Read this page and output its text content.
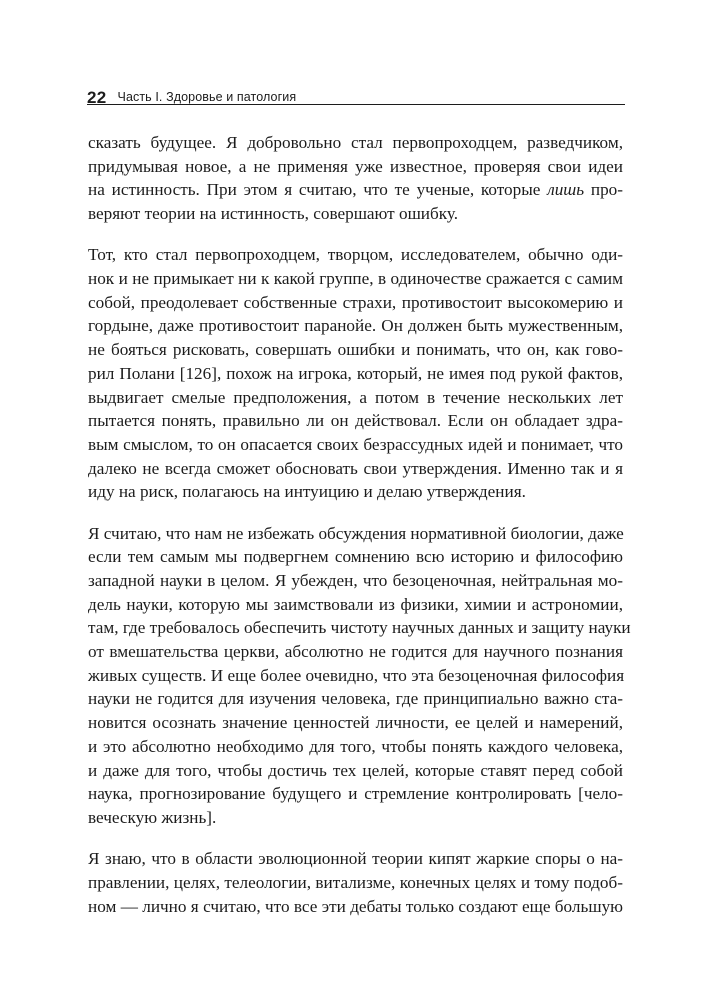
22 Часть I. Здоровье и патология

сказать будущее. Я добровольно стал первопроходцем, разведчиком,
придумывая новое, а не применяя уже известное, проверяя свои идеи
на истинность. При этом я считаю, что те ученые, которые лишь про-
веряют теории на истинность, совершают ошибку.

Тот, кто стал первопроходцем, творцом, исследователем, обычно оди-
нок и не примыкает ни к какой группе, в одиночестве сражается с самим
собой, преодолевает собственные страхи, противостоит высокомерию и
гордыне, даже противостоит паранойе. Он должен быть мужественным,
не бояться рисковать, совершать ошибки и понимать, что он, как гово-
рил Полани [126], похож на игрока, который, не имея под рукой фактов,
выдвигает смелые предположения, а потом в течение нескольких лет
пытается понять, правильно ли он действовал. Если он обладает здра-
вым смыслом, то он опасается своих безрассудных идей и понимает, что
далеко не всегда сможет обосновать свои утверждения. Именно так и я
иду на риск, полагаюсь на интуицию и делаю утверждения.

Я считаю, что нам не избежать обсуждения нормативной биологии, даже
если тем самым мы подвергнем сомнению всю историю и философию
западной науки в целом. Я убежден, что безоценочная, нейтральная мо-
дель науки, которую мы заимствовали из физики, химии и астрономии,
там, где требовалось обеспечить чистоту научных данных и защиту науки
от вмешательства церкви, абсолютно не годится для научного познания
живых существ. И еще более очевидно, что эта безоценочная философия
науки не годится для изучения человека, где принципиально важно ста-
новится осознать значение ценностей личности, ее целей и намерений,
и это абсолютно необходимо для того, чтобы понять каждого человека,
и даже для того, чтобы достичь тех целей, которые ставят перед собой
наука, прогнозирование будущего и стремление контролировать [чело-
веческую жизнь].

Я знаю, что в области эволюционной теории кипят жаркие споры о на-
правлении, целях, телеологии, витализме, конечных целях и тому подоб-
ном — лично я считаю, что все эти дебаты только создают еще большую
